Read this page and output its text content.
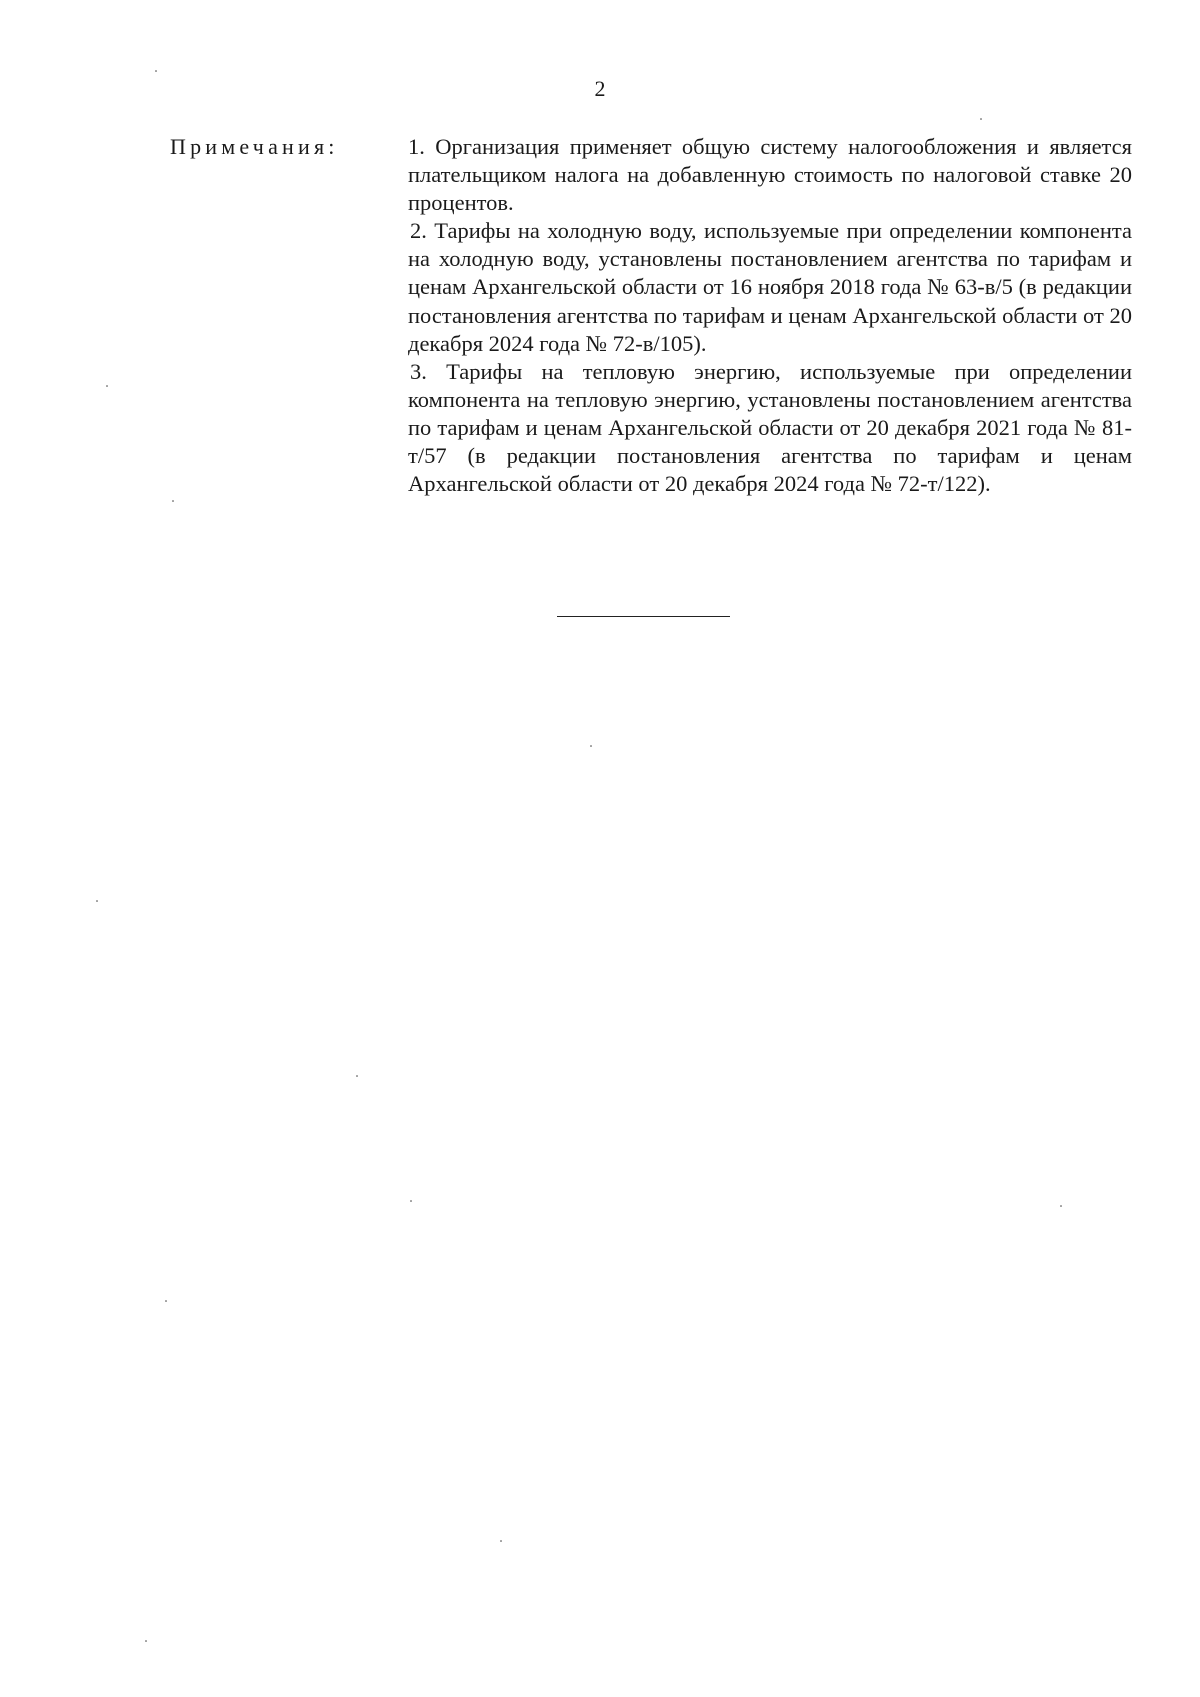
2
Примечания:	1. Организация применяет общую систему налогообложения и является плательщиком налога на добавленную стоимость по налоговой ставке 20 процентов.

2. Тарифы на холодную воду, используемые при определении компонента на холодную воду, установлены постановлением агентства по тарифам и ценам Архангельской области от 16 ноября 2018 года № 63-в/5 (в редакции постановления агентства по тарифам и ценам Архангельской области от 20 декабря 2024 года № 72-в/105).

3. Тарифы на тепловую энергию, используемые при определении компонента на тепловую энергию, установлены постановлением агентства по тарифам и ценам Архангельской области от 20 декабря 2021 года № 81-т/57 (в редакции постановления агентства по тарифам и ценам Архангельской области от 20 декабря 2024 года № 72-т/122).
